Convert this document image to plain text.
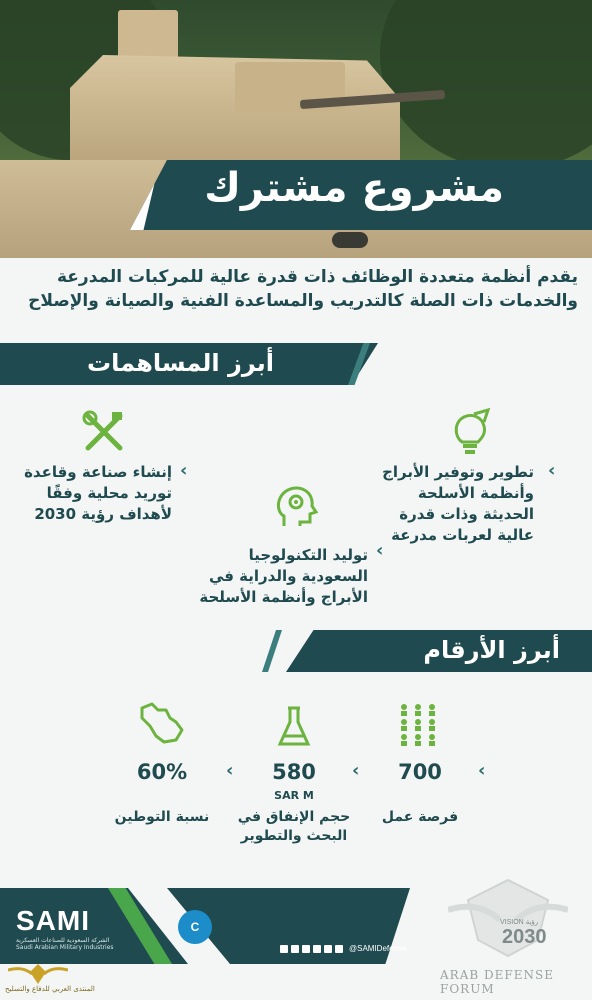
مشروع مشترك
يقدم أنظمة متعددة الوظائف ذات قدرة عالية للمركبات المدرعة
والخدمات ذات الصلة كالتدريب والمساعدة الفنية والصيانة والإصلاح
أبرز المساهمات
‹
تطوير وتوفير الأبراج
وأنظمة الأسلحة
الحديثة وذات قدرة
عالية لعربات مدرعة
‹
إنشاء صناعة وقاعدة
توريد محلية وفقًا
لأهداف رؤية 2030
‹
توليد التكنولوجيا
السعودية والدراية في
الأبراج وأنظمة الأسلحة
أبرز الأرقام
‹
700
فرصة عمل
‹
580
SAR M
حجم الإنفاق في
البحث والتطوير
‹
60%
نسبة التوطين
SAMI
الشركة السعودية للصناعات العسكرية Saudi Arabian Military Industries
C
@SAMIDefense
VISION رؤية
2030
ARAB DEFENSE FORUM
المنتدى العربي للدفاع والتسليح
